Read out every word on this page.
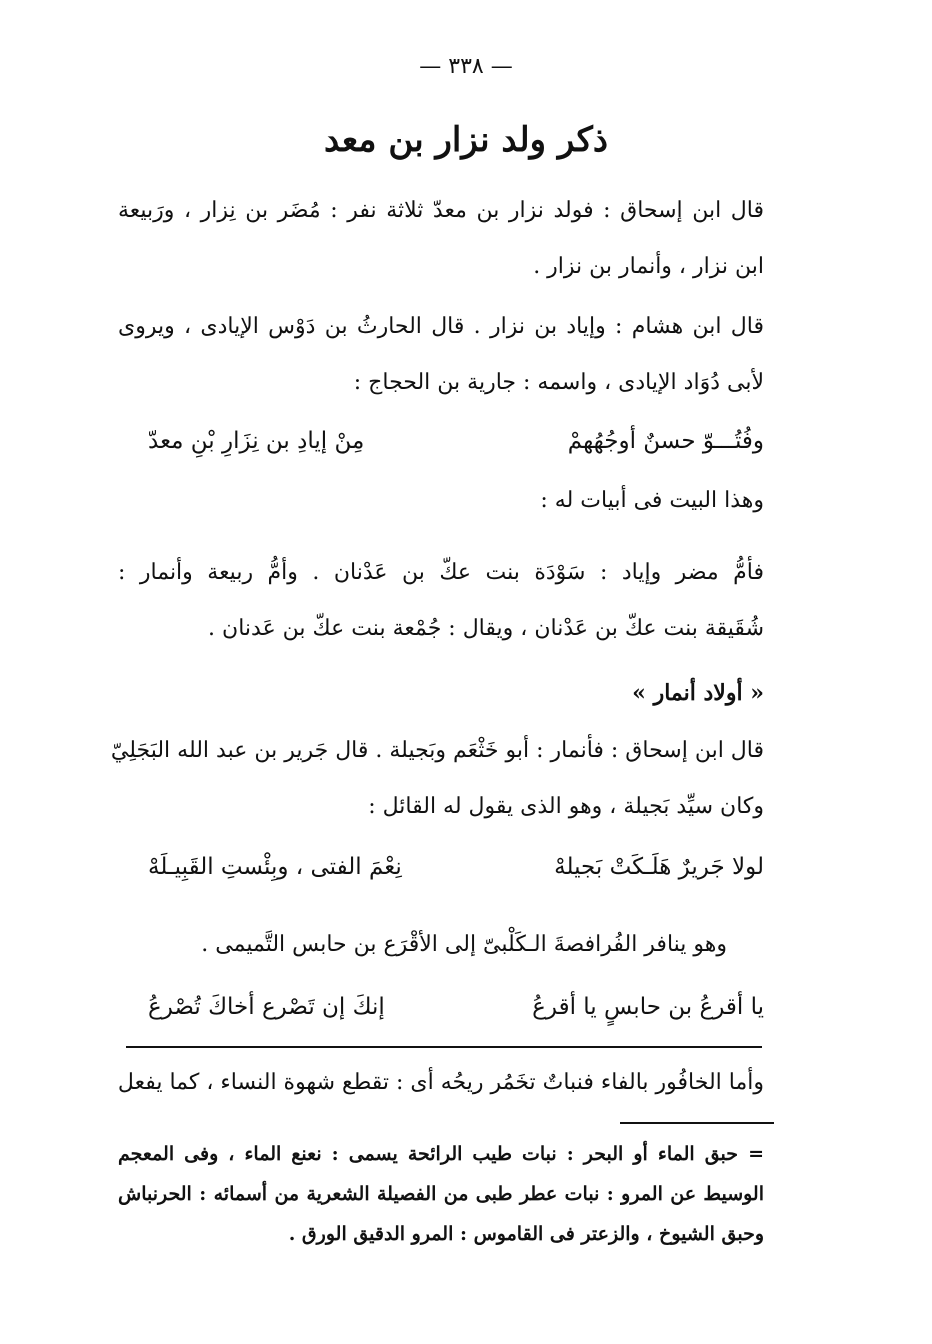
— ٣٣٨ —
ذكر ولد نزار بن معد
قال ابن إسحاق : فولد نزار بن معدّ ثلاثة نفر : مُضَر بن نِزار ، ورَبيعة
ابن نزار ، وأنمار بن نزار .
قال ابن هشام : وإياد بن نزار . قال الحارثُ بن دَوْس الإيادى ، ويروى
لأبى دُوَاد الإيادى ، واسمه : جارية بن الحجاج :
وفُتُـــوّ حسنٌ أوجُهُهمْ
مِنْ إيادِ بن نِزَارِ بْنِ معدّ
وهذا البيت فى أبيات له :
فأمُّ مضر وإياد : سَوْدَة بنت عكّ بن عَدْنان . وأمُّ ربيعة وأنمار :
شُقَيقة بنت عكّ بن عَدْنان ، ويقال : جُمْعة بنت عكّ بن عَدنان .
« أولاد أنمار »
قال ابن إسحاق : فأنمار : أبو خَثْعَم وبَجيلة . قال جَرير بن عبد الله البَجَلِيّ
وكان سيِّد بَجيلة ، وهو الذى يقول له القائل :
لولا جَريرٌ هَلَـكَتْ بَجيلهْ
نِعْمَ الفتى ، وبِئْستِ القَبِيـلَهْ
وهو ينافر الفُرافصةَ الـكَلْبىّ إلى الأقْرَع بن حابس التَّميمى .
يا أقرعُ بن حابسٍ يا أقرعُ
إنكَ إن تَصْرع أخاكَ تُصْرعُ
وأما الخافُور بالفاء فنباتٌ تخَمُر ريحُه أى : تقطع شهوة النساء ، كما يفعل
= حبق الماء أو البحر : نبات طيب الرائحة يسمى : نعنع الماء ، وفى المعجم
الوسيط عن المرو : نبات عطر طبى من الفصيلة الشعرية من أسمائه : الحرنباش
وحبق الشيوخ ، والزعتر فى القاموس : المرو الدقيق الورق .
